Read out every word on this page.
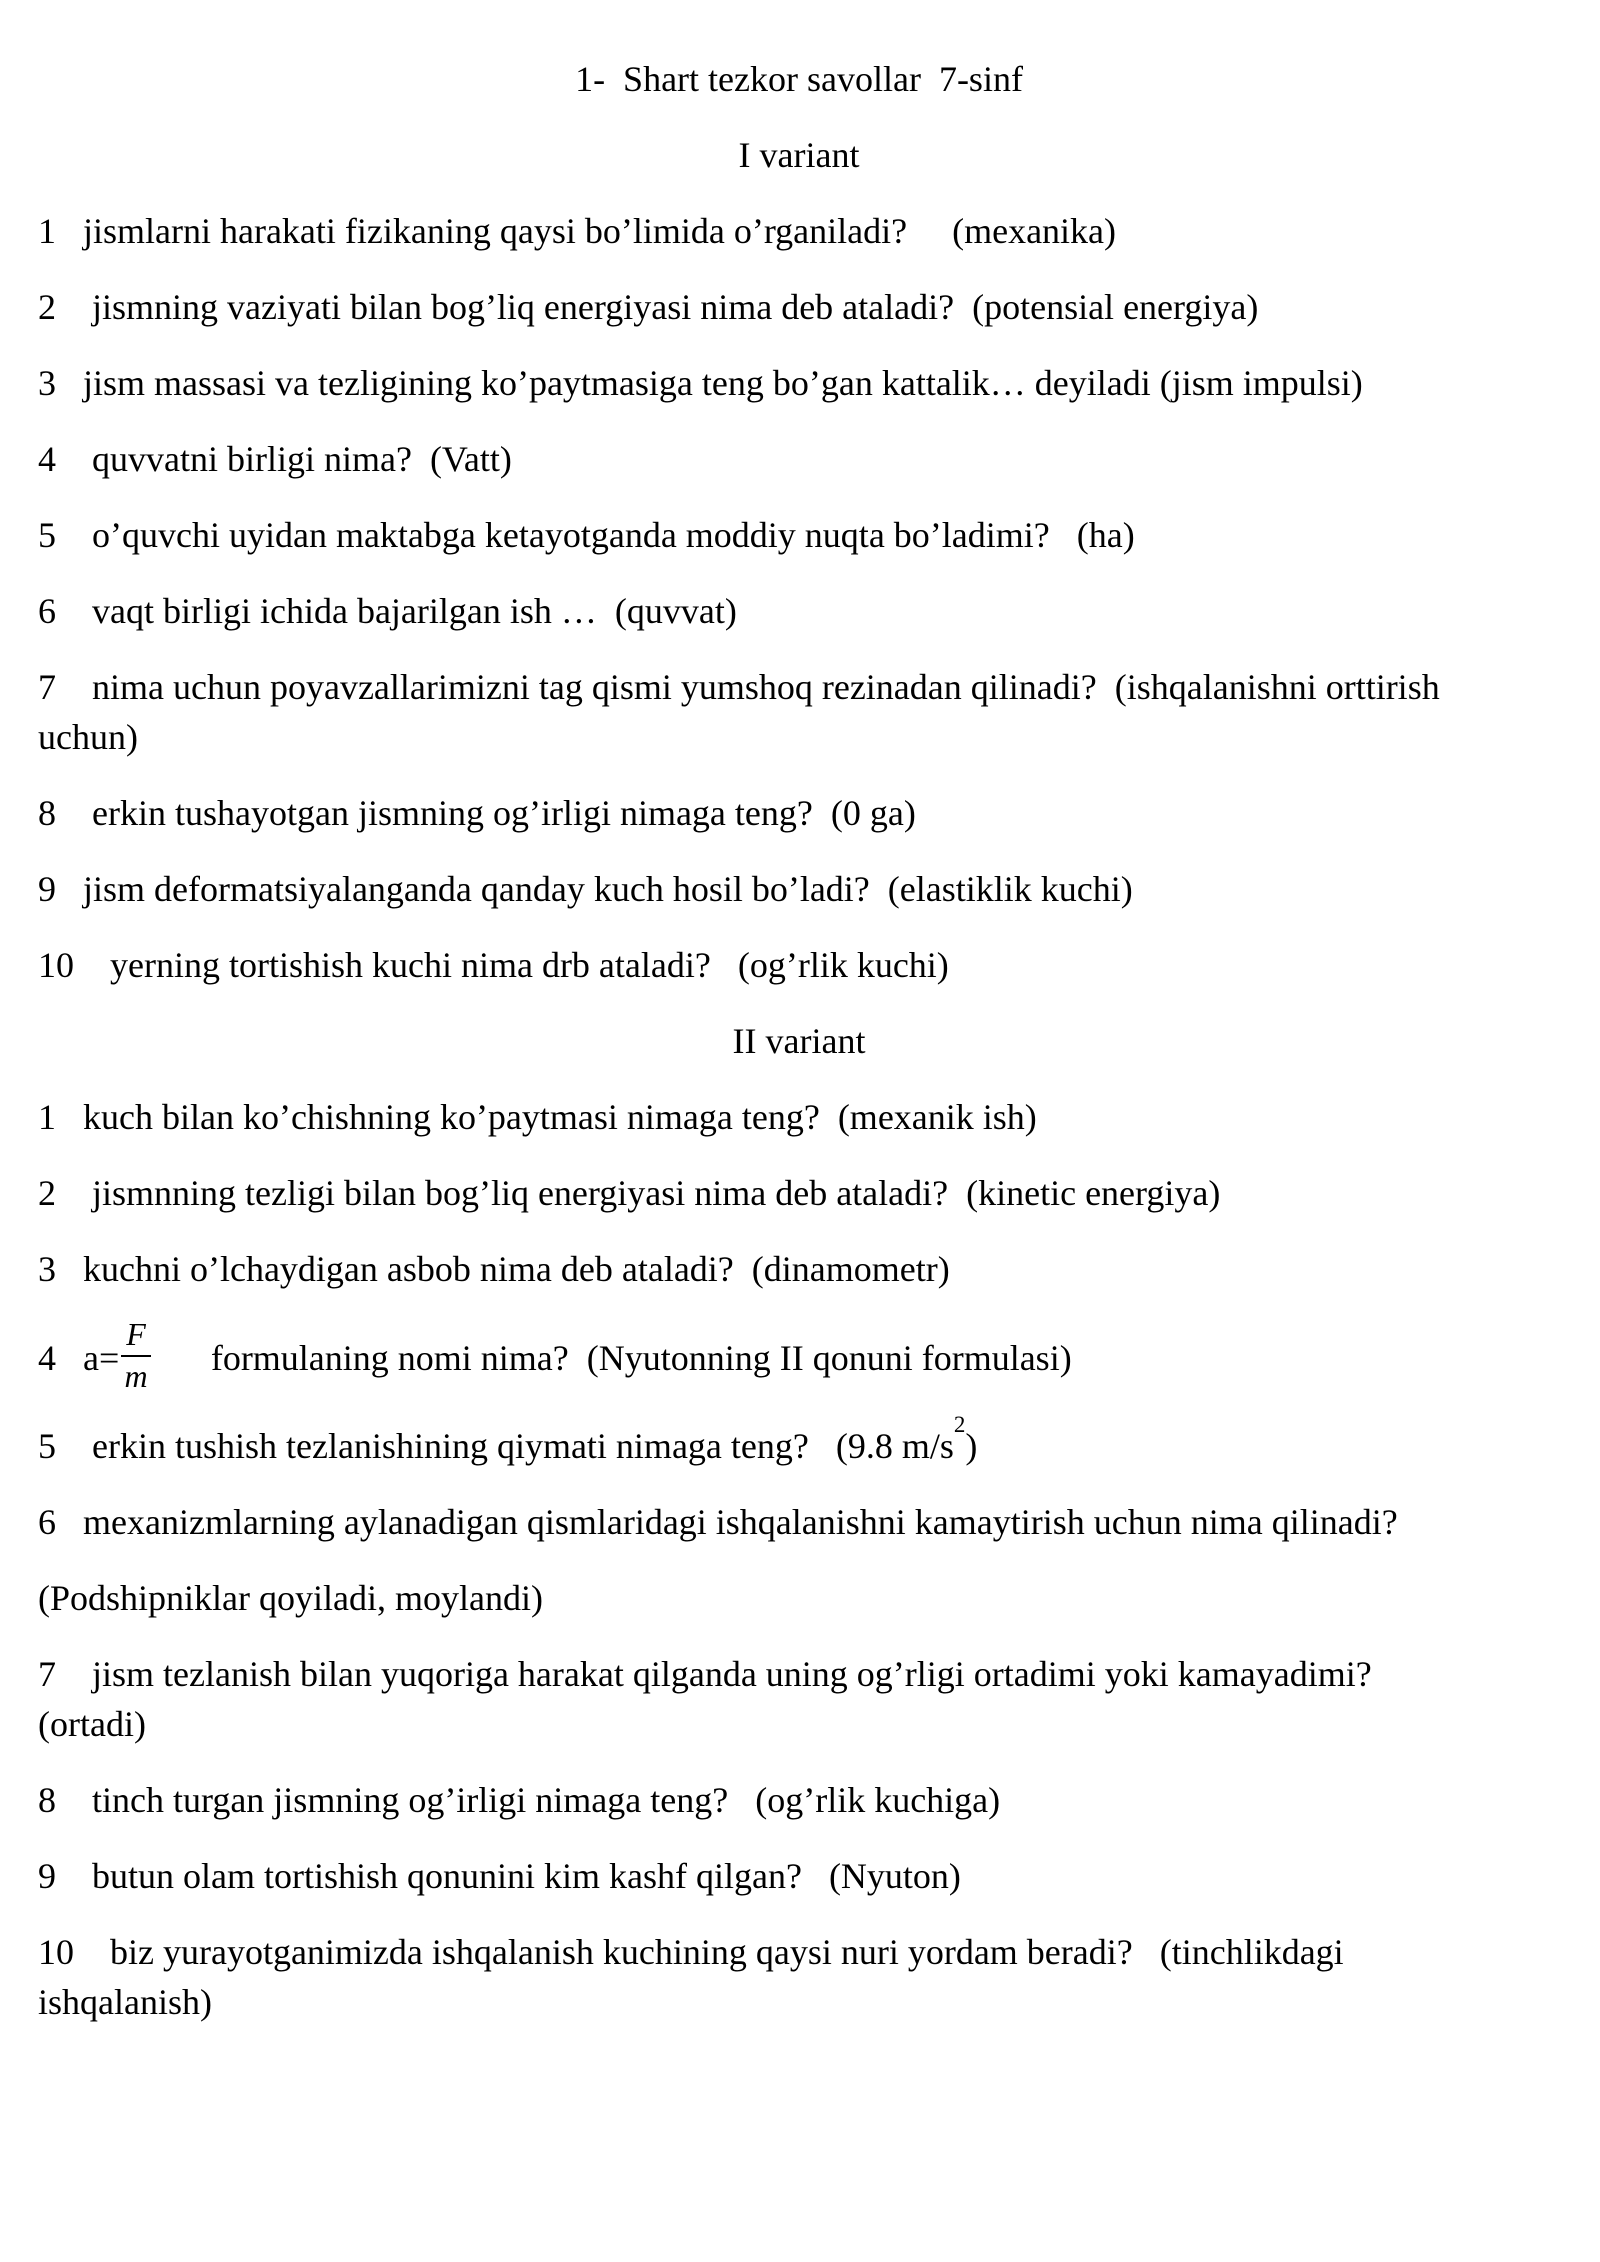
1-  Shart tezkor savollar  7-sinf

I variant

1   jismlarni harakati fizikaning qaysi bo’limida o’rganiladi?     (mexanika)

2    jismning vaziyati bilan bog’liq energiyasi nima deb ataladi?  (potensial energiya)

3   jism massasi va tezligining ko’paytmasiga teng bo’gan kattalik… deyiladi (jism impulsi)

4    quvvatni birligi nima?  (Vatt)

5    o’quvchi uyidan maktabga ketayotganda moddiy nuqta bo’ladimi?   (ha)

6    vaqt birligi ichida bajarilgan ish …  (quvvat)

7    nima uchun poyavzallarimizni tag qismi yumshoq rezinadan qilinadi?  (ishqalanishni orttirish
uchun)

8    erkin tushayotgan jismning og’irligi nimaga teng?  (0 ga)

9   jism deformatsiyalanganda qanday kuch hosil bo’ladi?  (elastiklik kuchi)

10    yerning tortishish kuchi nima drb ataladi?   (og’rlik kuchi)

II variant

1   kuch bilan ko’chishning ko’paytmasi nimaga teng?  (mexanik ish)

2    jismnning tezligi bilan bog’liq energiyasi nima deb ataladi?  (kinetic energiya)

3   kuchni o’lchaydigan asbob nima deb ataladi?  (dinamometr)

4   $a= \frac{F}{m}$ formulaning nomi nima?  (Nyutonning II qonuni formulasi)

5    erkin tushish tezlanishining qiymati nimaga teng?   (9.8 $m/s^2$)

6   mexanizmlarning aylanadigan qismlaridagi ishqalanishni kamaytirish uchun nima qilinadi?

(Podshipniklar qoyiladi, moylandi)

7    jism tezlanish bilan yuqoriga harakat qilganda uning og’rligi ortadimi yoki kamayadimi?
(ortadi)

8    tinch turgan jismning og’irligi nimaga teng?   (og’rlik kuchiga)

9    butun olam tortishish qonunini kim kashf qilgan?   (Nyuton)

10    biz yurayotganimizda ishqalanish kuchining qaysi nuri yordam beradi?   (tinchlikdagi
ishqalanish)
